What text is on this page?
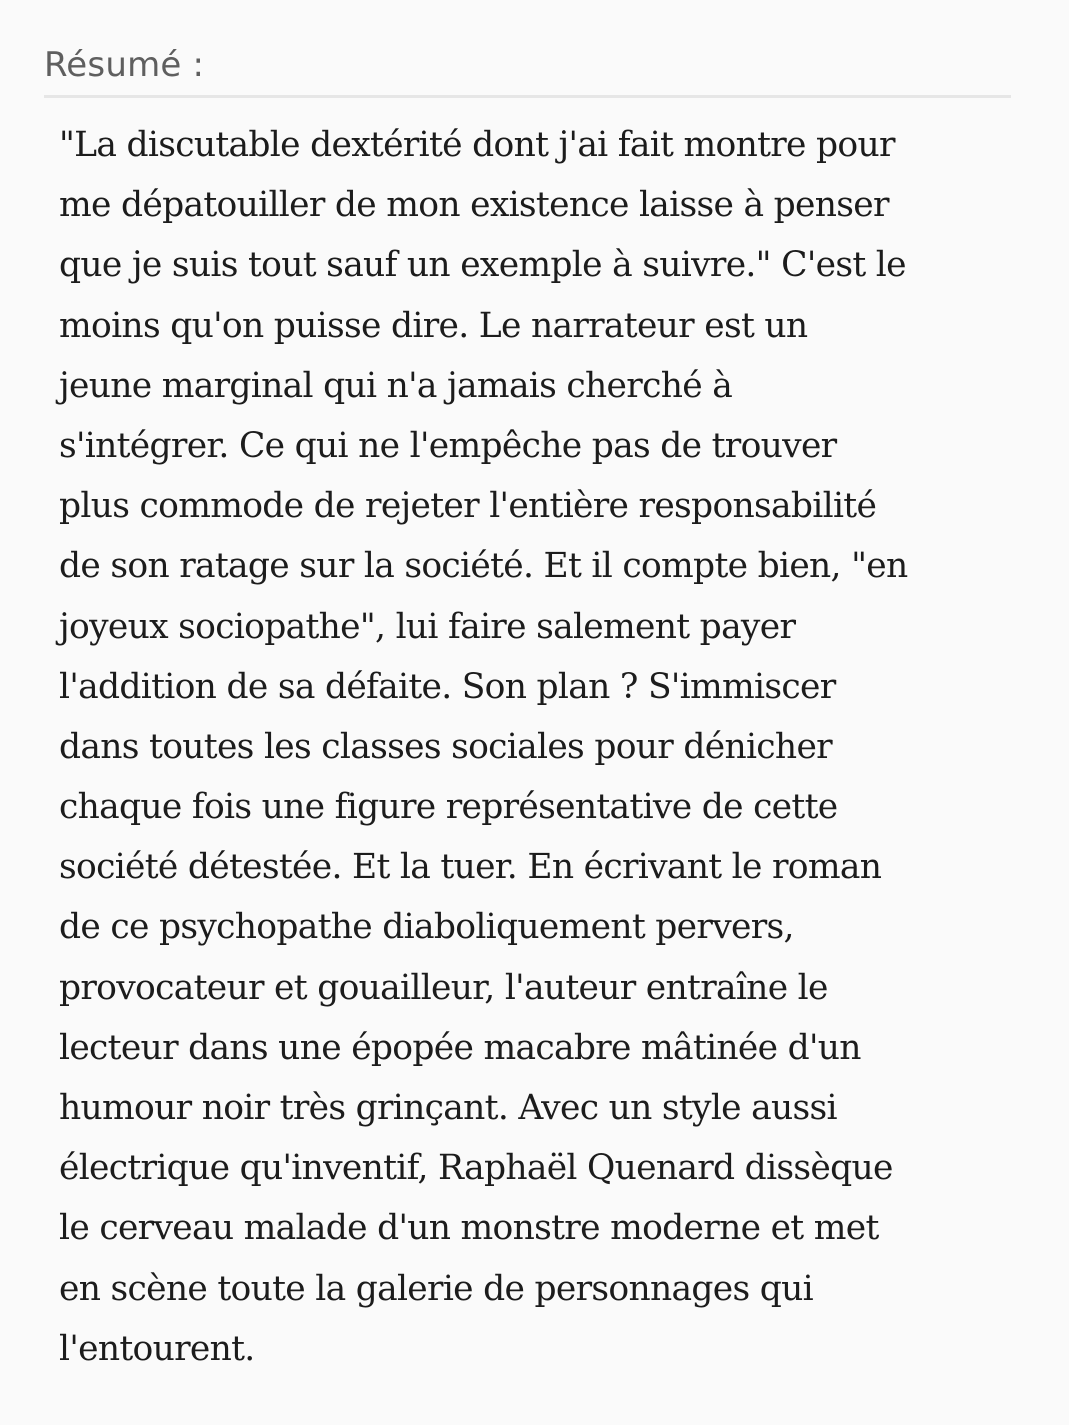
Résumé :
"La discutable dextérité dont j'ai fait montre pour
me dépatouiller de mon existence laisse à penser
que je suis tout sauf un exemple à suivre." C'est le
moins qu'on puisse dire. Le narrateur est un
jeune marginal qui n'a jamais cherché à
s'intégrer. Ce qui ne l'empêche pas de trouver
plus commode de rejeter l'entière responsabilité
de son ratage sur la société. Et il compte bien, "en
joyeux sociopathe", lui faire salement payer
l'addition de sa défaite. Son plan ? S'immiscer
dans toutes les classes sociales pour dénicher
chaque fois une figure représentative de cette
société détestée. Et la tuer. En écrivant le roman
de ce psychopathe diaboliquement pervers,
provocateur et gouailleur, l'auteur entraîne le
lecteur dans une épopée macabre mâtinée d'un
humour noir très grinçant. Avec un style aussi
électrique qu'inventif, Raphaël Quenard dissèque
le cerveau malade d'un monstre moderne et met
en scène toute la galerie de personnages qui
l'entourent.
